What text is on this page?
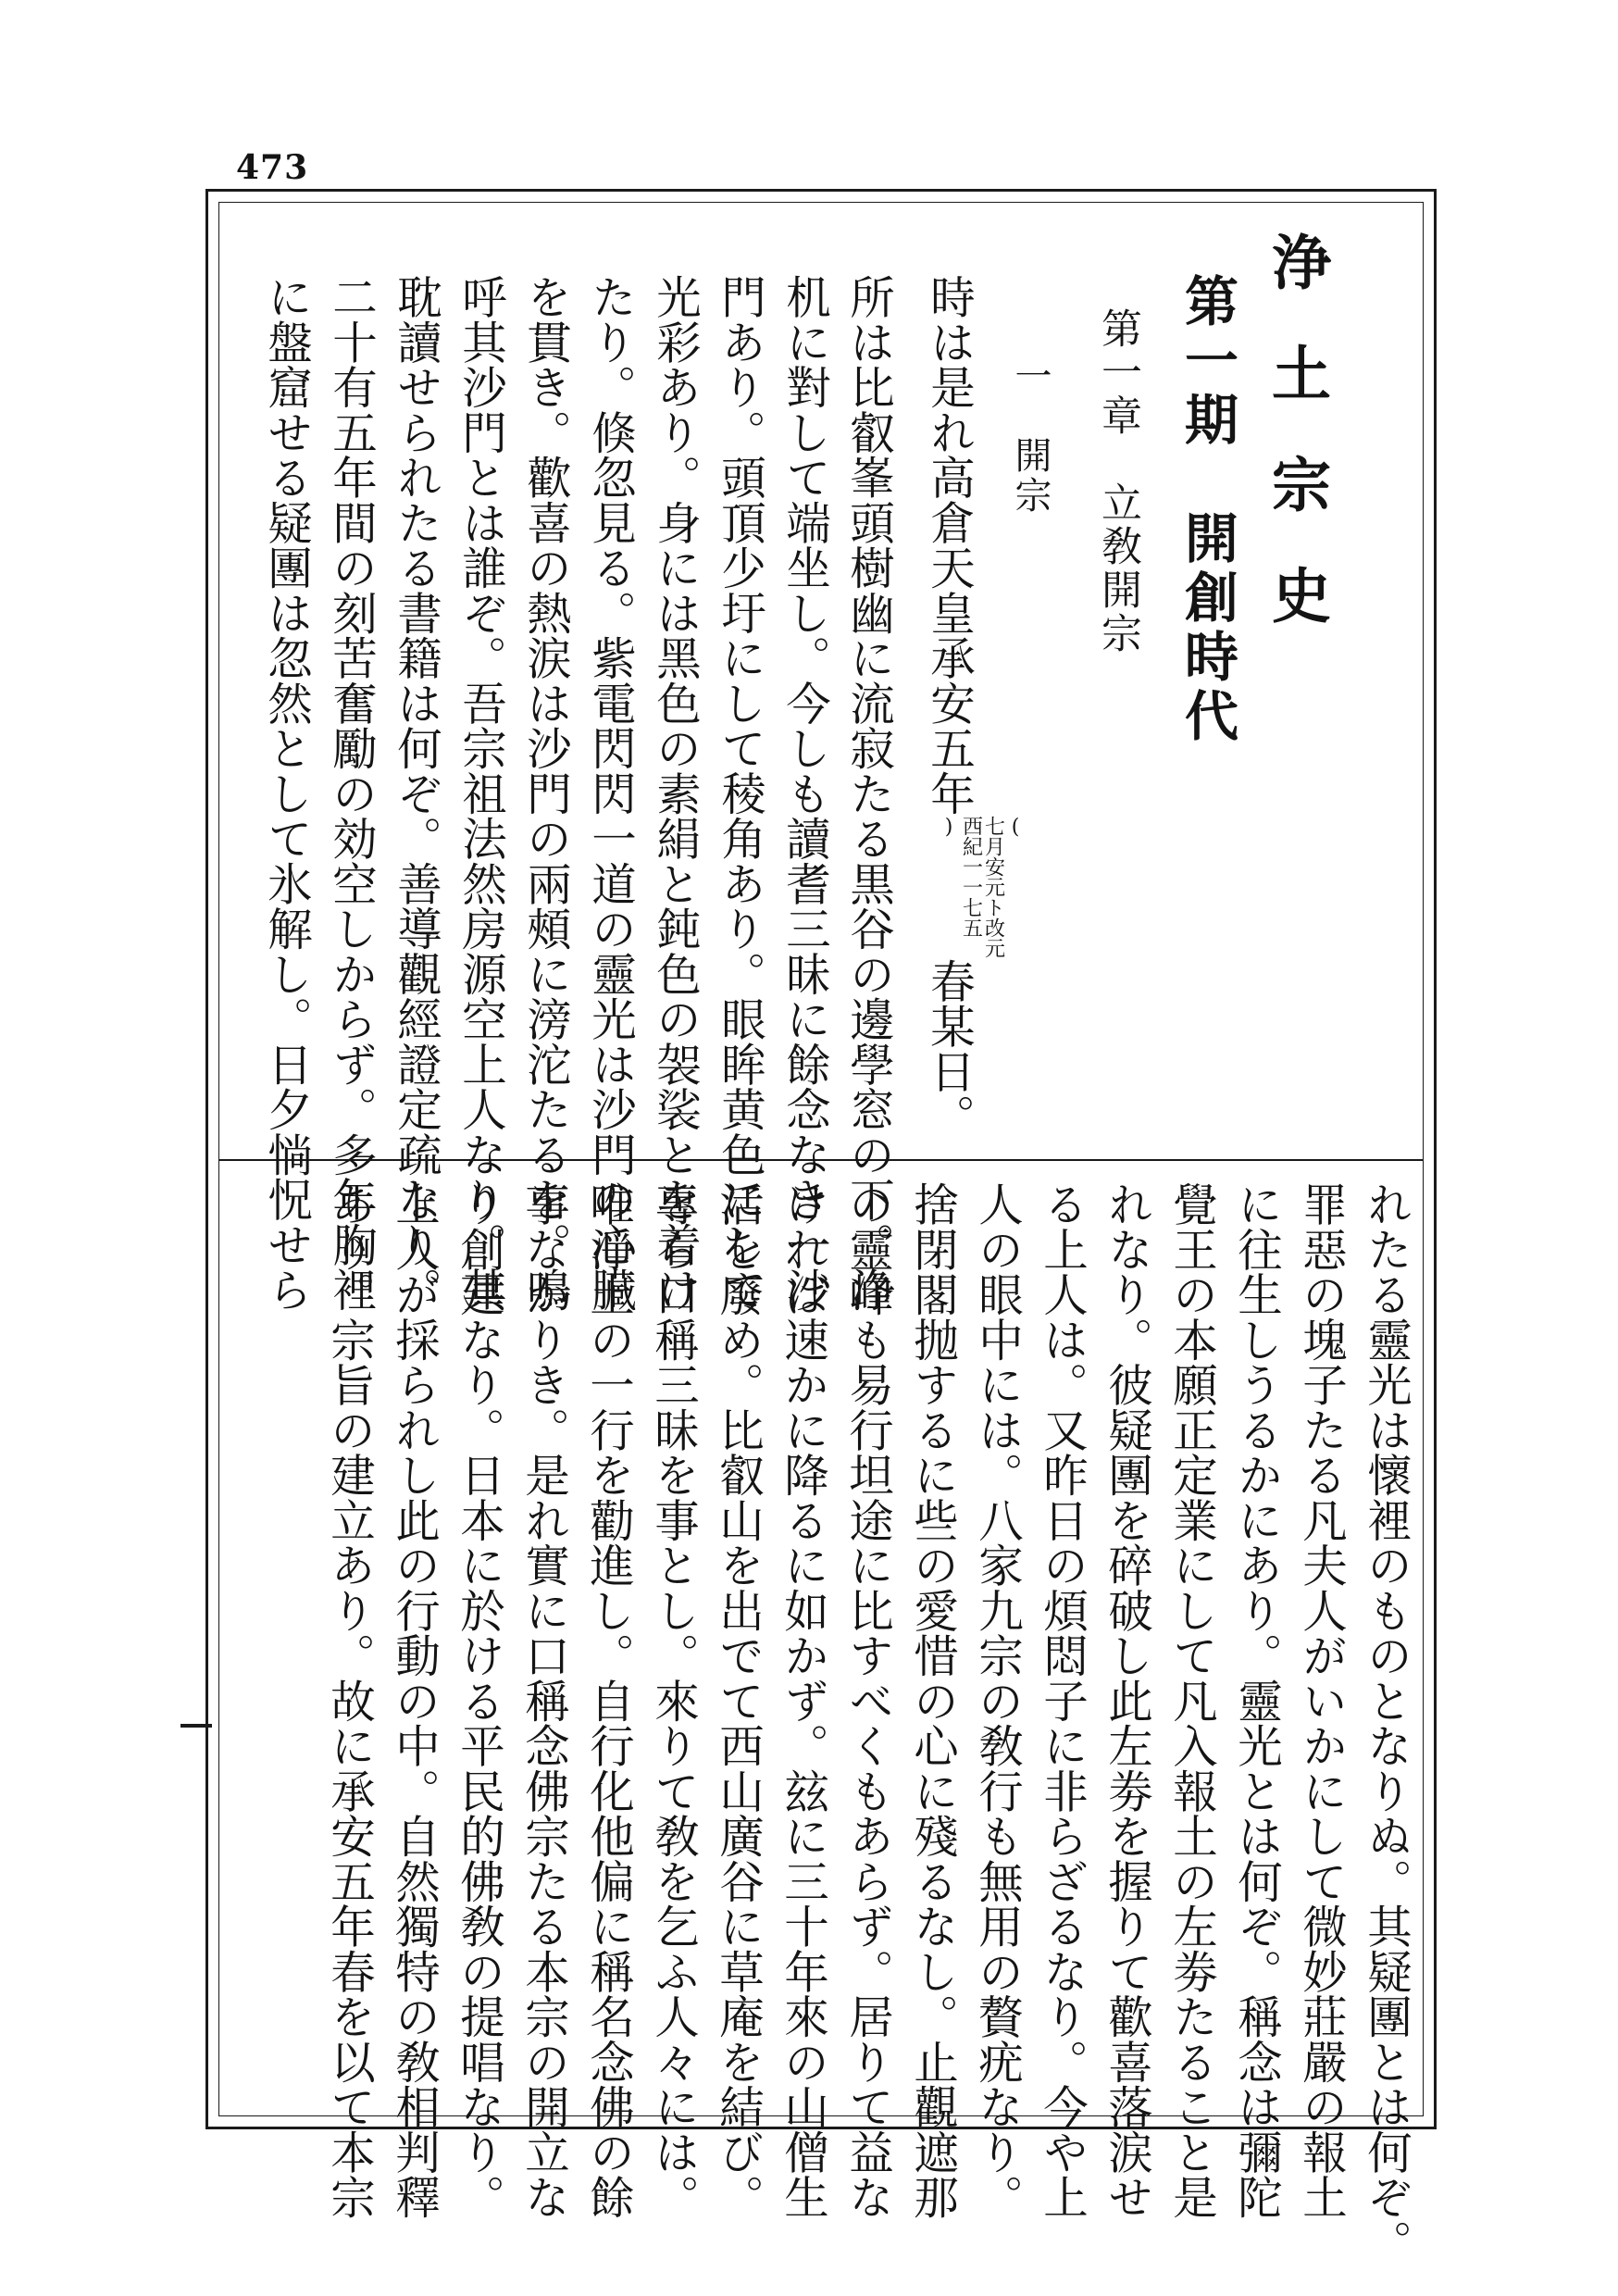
473
浄土宗史
第一期　開創時代
第一章　立敎開宗
一　開宗
時は是れ高倉天皇承安五年(
七月安元ト改元
西紀一一七五
)春某日。
所は比叡峯頭樹幽に流寂たる黒谷の邊學窓の下。浄
机に對して端坐し。今しも讀耆三昧に餘念なき一沙
門あり。頭頂少圩にして稜角あり。眼眸黄色にして
光彩あり。身には黑色の素絹と鈍色の袈裟とを着け
たり。倏忽見る。紫電閃閃一道の靈光は沙門の心臓
を貫き。歡喜の熱涙は沙門の兩頰に滂沱たるを。鳴
呼其沙門とは誰ぞ。吾宗祖法然房源空上人なり。其
耽讀せられたる書籍は何ぞ。善導觀經證定疏なり。
二十有五年間の刻苦奮勵の効空しからず。多年胸裡
に盤窟せる疑團は忽然として氷解し。日夕惝怳せら
れたる靈光は懷裡のものとなりぬ。其疑團とは何ぞ。
罪惡の塊子たる凡夫人がいかにして微妙莊嚴の報土
に往生しうるかにあり。靈光とは何ぞ。稱念は彌陀
覺王の本願正定業にして凡入報土の左劵たること是
れなり。彼疑團を碎破し此左劵を握りて歡喜落涙せ
る上人は。又昨日の煩悶子に非らざるなり。今や上
人の眼中には。八家九宗の敎行も無用の贅疣なり。
捨閉閣抛するに些の愛惜の心に殘るなし。止觀遮那
の靈峰も易行坦途に比すべくもあらず。居りて益な
ければ速かに降るに如かず。玆に三十年來の山僧生
活を廢め。比叡山を出でて西山廣谷に草庵を結び。
專ら口稱三昧を事とし。來りて敎を乞ふ人々には。
唯淨土の一行を勸進し。自行化他偏に稱名念佛の餘
事なかりき。是れ實に口稱念佛宗たる本宗の開立な
り創建なり。日本に於ける平民的佛敎の提唱なり。
上人が採られし此の行動の中。自然獨特の敎相判釋
あり。宗旨の建立あり。故に承安五年春を以て本宗
